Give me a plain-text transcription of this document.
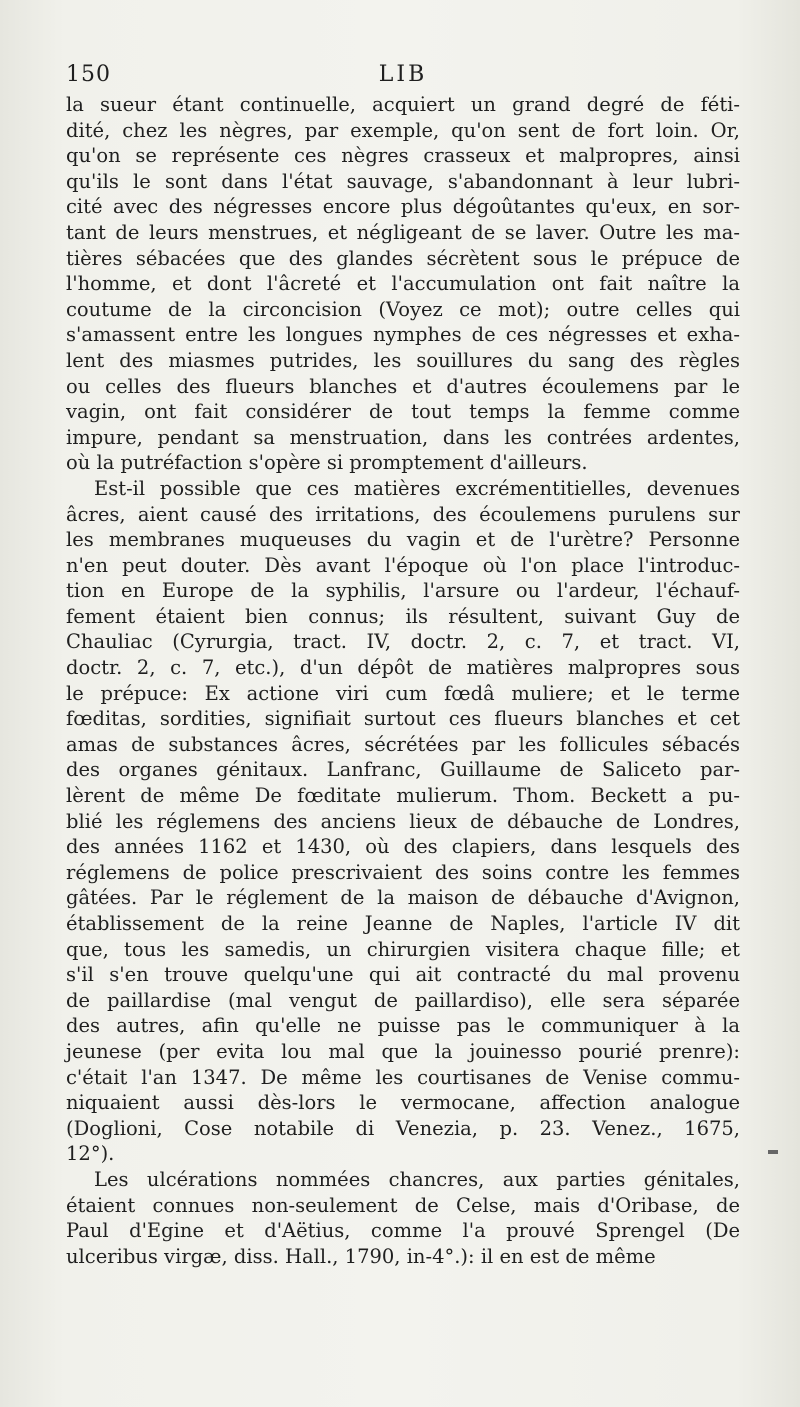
150	LIB
la sueur étant continuelle, acquiert un grand degré de féti-
dité, chez les nègres, par exemple, qu'on sent de fort loin. Or,
qu'on se représente ces nègres crasseux et malpropres, ainsi
qu'ils le sont dans l'état sauvage, s'abandonnant à leur lubri-
cité avec des négresses encore plus dégoûtantes qu'eux, en sor-
tant de leurs menstrues, et négligeant de se laver. Outre les ma-
tières sébacées que des glandes sécrètent sous le prépuce de
l'homme, et dont l'âcreté et l'accumulation ont fait naître la
coutume de la circoncision (Voyez ce mot); outre celles qui
s'amassent entre les longues nymphes de ces négresses et exha-
lent des miasmes putrides, les souillures du sang des règles
ou celles des flueurs blanches et d'autres écoulemens par le
vagin, ont fait considérer de tout temps la femme comme
impure, pendant sa menstruation, dans les contrées ardentes,
où la putréfaction s'opère si promptement d'ailleurs.
Est-il possible que ces matières excrémentitielles, devenues
âcres, aient causé des irritations, des écoulemens purulens sur
les membranes muqueuses du vagin et de l'urètre? Personne
n'en peut douter. Dès avant l'époque où l'on place l'introduc-
tion en Europe de la syphilis, l'arsure ou l'ardeur, l'échauf-
fement étaient bien connus; ils résultent, suivant Guy de
Chauliac (Cyrurgia, tract. IV, doctr. 2, c. 7, et tract. VI,
doctr. 2, c. 7, etc.), d'un dépôt de matières malpropres sous
le prépuce: Ex actione viri cum fœdâ muliere; et le terme
fœditas, sordities, signifiait surtout ces flueurs blanches et cet
amas de substances âcres, sécrétées par les follicules sébacés
des organes génitaux. Lanfranc, Guillaume de Saliceto par-
lèrent de même De fœditate mulierum. Thom. Beckett a pu-
blié les réglemens des anciens lieux de débauche de Londres,
des années 1162 et 1430, où des clapiers, dans lesquels des
réglemens de police prescrivaient des soins contre les femmes
gâtées. Par le réglement de la maison de débauche d'Avignon,
établissement de la reine Jeanne de Naples, l'article IV dit
que, tous les samedis, un chirurgien visitera chaque fille; et
s'il s'en trouve quelqu'une qui ait contracté du mal provenu
de paillardise (mal vengut de paillardiso), elle sera séparée
des autres, afin qu'elle ne puisse pas le communiquer à la
jeunese (per evita lou mal que la jouinesso pourié prenre):
c'était l'an 1347. De même les courtisanes de Venise commu-
niquaient aussi dès-lors le vermocane, affection analogue
(Doglioni, Cose notabile di Venezia, p. 23. Venez., 1675,
12°).
Les ulcérations nommées chancres, aux parties génitales,
étaient connues non-seulement de Celse, mais d'Oribase, de
Paul d'Egine et d'Aëtius, comme l'a prouvé Sprengel (De
ulceribus virgæ, diss. Hall., 1790, in-4°.): il en est de même
